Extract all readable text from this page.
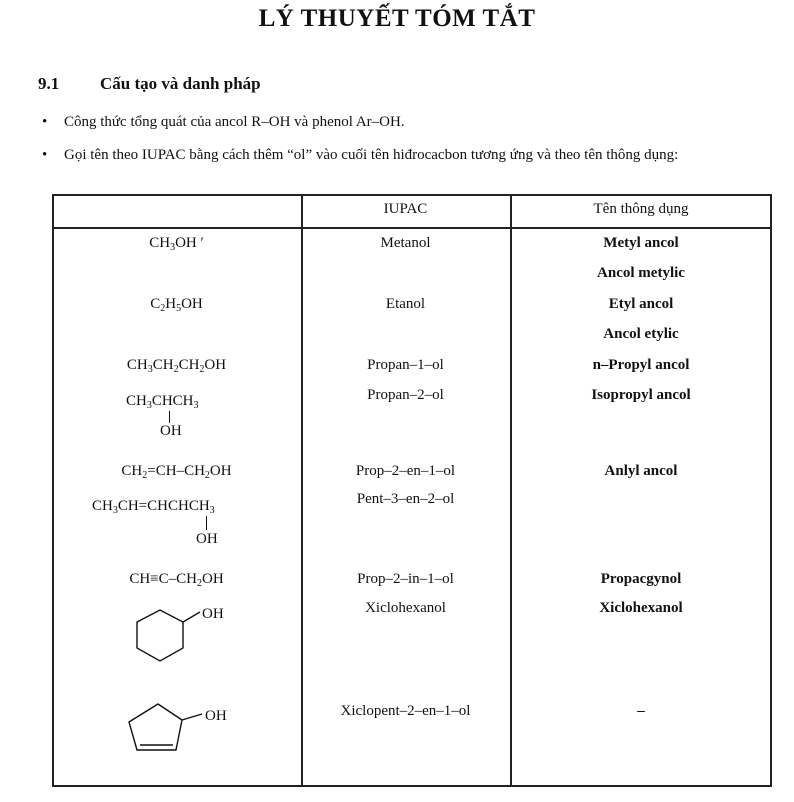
LÝ THUYẾT TÓM TẮT
9.1 Cấu tạo và danh pháp
• Công thức tổng quát của ancol R–OH và phenol Ar–OH.
• Gọi tên theo IUPAC bằng cách thêm “ol” vào cuối tên hiđrocacbon tương ứng và theo tên thông dụng:
IUPAC	Tên thông dụng
$CH_3OH$ ʹ
$C_2H_5OH$
$CH_3CH_2CH_2OH$
$CH_3CHCH_3$
OH
$CH_2=CH-CH_2OH$
$CH_3CH=CHCHCH_3$
OH
$CH\equiv C-CH_2OH$
OH
OH
Metanol
Etanol
Propan–1–ol
Propan–2–ol
Prop–2–en–1–ol
Pent–3–en–2–ol
Prop–2–in–1–ol
Xiclohexanol
Xiclopent–2–en–1–ol
Metyl ancol
Ancol metylic
Etyl ancol
Ancol etylic
n–Propyl ancol
Isopropyl ancol
Anlyl ancol
Propacgynol
Xiclohexanol
–
